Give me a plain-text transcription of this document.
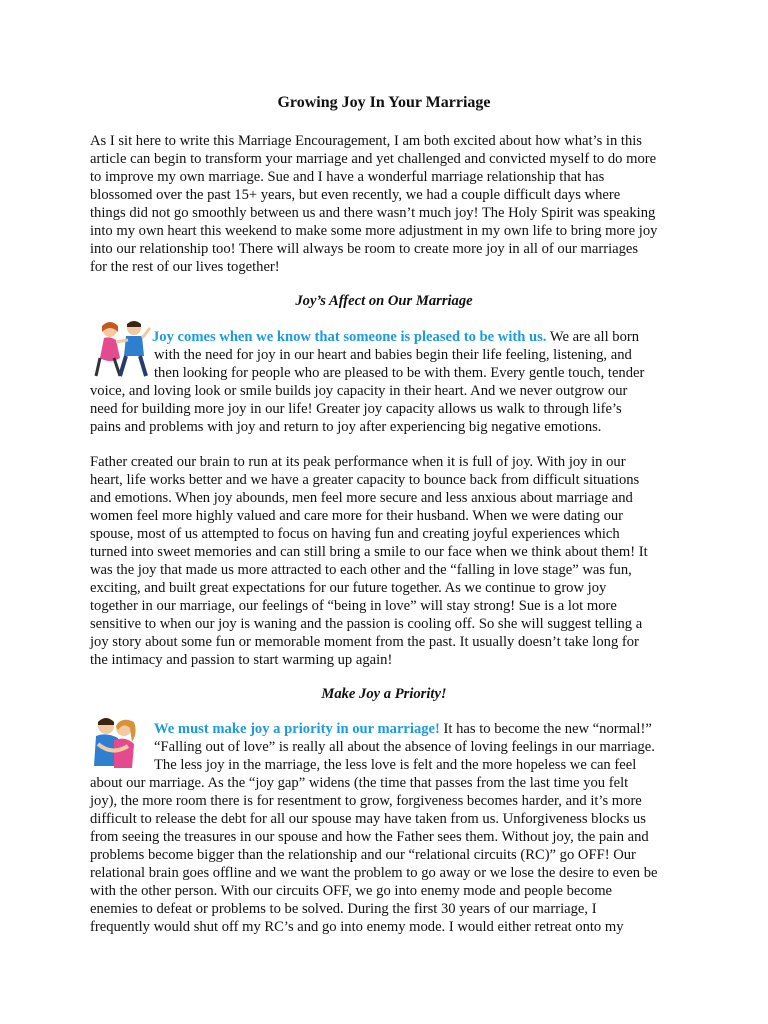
Growing Joy In Your Marriage
As I sit here to write this Marriage Encouragement, I am both excited about how what’s in this
article can begin to transform your marriage and yet challenged and convicted myself to do more
to improve my own marriage. Sue and I have a wonderful marriage relationship that has
blossomed over the past 15+ years, but even recently, we had a couple difficult days where
things did not go smoothly between us and there wasn’t much joy! The Holy Spirit was speaking
into my own heart this weekend to make some more adjustment in my own life to bring more joy
into our relationship too! There will always be room to create more joy in all of our marriages
for the rest of our lives together!
Joy’s Affect on Our Marriage
Joy comes when we know that someone is pleased to be with us. We are all born
with the need for joy in our heart and babies begin their life feeling, listening, and
then looking for people who are pleased to be with them. Every gentle touch, tender
voice, and loving look or smile builds joy capacity in their heart. And we never outgrow our
need for building more joy in our life! Greater joy capacity allows us walk to through life’s
pains and problems with joy and return to joy after experiencing big negative emotions.
Father created our brain to run at its peak performance when it is full of joy. With joy in our
heart, life works better and we have a greater capacity to bounce back from difficult situations
and emotions. When joy abounds, men feel more secure and less anxious about marriage and
women feel more highly valued and care more for their husband. When we were dating our
spouse, most of us attempted to focus on having fun and creating joyful experiences which
turned into sweet memories and can still bring a smile to our face when we think about them! It
was the joy that made us more attracted to each other and the “falling in love stage” was fun,
exciting, and built great expectations for our future together. As we continue to grow joy
together in our marriage, our feelings of “being in love” will stay strong! Sue is a lot more
sensitive to when our joy is waning and the passion is cooling off. So she will suggest telling a
joy story about some fun or memorable moment from the past. It usually doesn’t take long for
the intimacy and passion to start warming up again!
Make Joy a Priority!
We must make joy a priority in our marriage! It has to become the new “normal!”
“Falling out of love” is really all about the absence of loving feelings in our marriage.
The less joy in the marriage, the less love is felt and the more hopeless we can feel
about our marriage. As the “joy gap” widens (the time that passes from the last time you felt
joy), the more room there is for resentment to grow, forgiveness becomes harder, and it’s more
difficult to release the debt for all our spouse may have taken from us. Unforgiveness blocks us
from seeing the treasures in our spouse and how the Father sees them. Without joy, the pain and
problems become bigger than the relationship and our “relational circuits (RC)” go OFF! Our
relational brain goes offline and we want the problem to go away or we lose the desire to even be
with the other person. With our circuits OFF, we go into enemy mode and people become
enemies to defeat or problems to be solved. During the first 30 years of our marriage, I
frequently would shut off my RC’s and go into enemy mode. I would either retreat onto my
